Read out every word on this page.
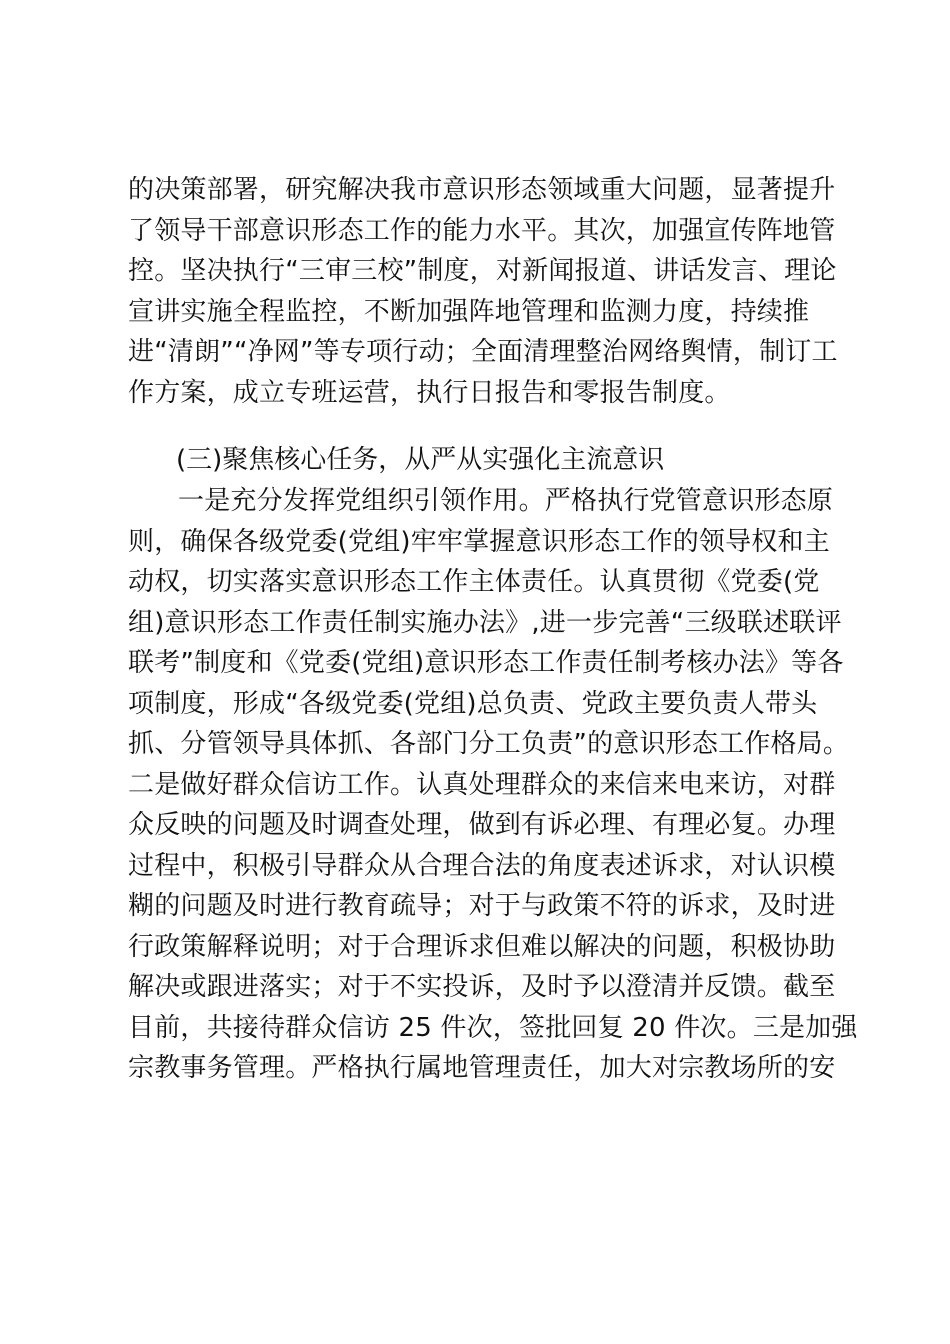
的决策部署，研究解决我市意识形态领域重大问题，显著提升
了领导干部意识形态工作的能力水平。其次，加强宣传阵地管
控。坚决执行“三审三校”制度，对新闻报道、讲话发言、理论
宣讲实施全程监控，不断加强阵地管理和监测力度，持续推
进“清朗”“净网”等专项行动；全面清理整治网络舆情，制订工
作方案，成立专班运营，执行日报告和零报告制度。
(三)聚焦核心任务，从严从实强化主流意识
一是充分发挥党组织引领作用。严格执行党管意识形态原
则，确保各级党委(党组)牢牢掌握意识形态工作的领导权和主
动权，切实落实意识形态工作主体责任。认真贯彻《党委(党
组)意识形态工作责任制实施办法》,进一步完善“三级联述联评
联考”制度和《党委(党组)意识形态工作责任制考核办法》等各
项制度，形成“各级党委(党组)总负责、党政主要负责人带头
抓、分管领导具体抓、各部门分工负责”的意识形态工作格局。
二是做好群众信访工作。认真处理群众的来信来电来访，对群
众反映的问题及时调查处理，做到有诉必理、有理必复。办理
过程中，积极引导群众从合理合法的角度表述诉求，对认识模
糊的问题及时进行教育疏导；对于与政策不符的诉求，及时进
行政策解释说明；对于合理诉求但难以解决的问题，积极协助
解决或跟进落实；对于不实投诉，及时予以澄清并反馈。截至
目前，共接待群众信访 25 件次，签批回复 20 件次。三是加强
宗教事务管理。严格执行属地管理责任，加大对宗教场所的安
